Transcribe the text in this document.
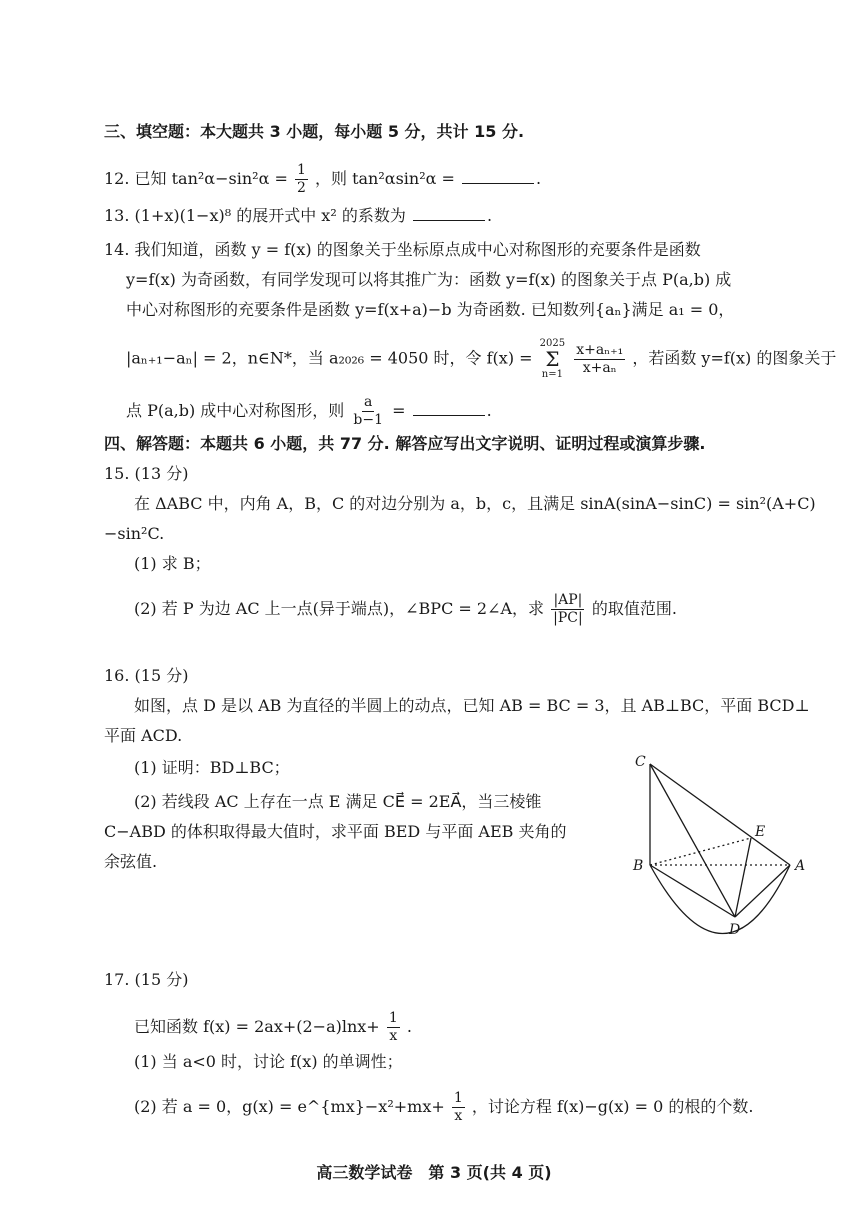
三、填空题：本大题共 3 小题，每小题 5 分，共计 15 分.
12. 已知 $\tan^2\alpha-\sin^2\alpha = \frac{1}{2}$ ，则 tan²αsin²α =	.
13. (1+x)(1−x)⁸ 的展开式中 x² 的系数为	.
14. 我们知道，函数 y = f(x) 的图象关于坐标原点成中心对称图形的充要条件是函数
y=f(x) 为奇函数，有同学发现可以将其推广为：函数 y=f(x) 的图象关于点 P(a,b) 成
中心对称图形的充要条件是函数 y=f(x+a)−b 为奇函数. 已知数列{aₙ}满足 a₁ = 0，
|aₙ₊₁−aₙ| = 2，n∈N*，当 a₂₀₂₆ = 4050 时，令 f(x) =
2025
Σ
n=1
$\frac{\text{x+aₙ₊₁}}{\text{x+aₙ}}$ ，若函数 y=f(x) 的图象关于
点 P(a,b) 成中心对称图形，则 $\frac{a}{b-1}$ =	.
四、解答题：本题共 6 小题，共 77 分. 解答应写出文字说明、证明过程或演算步骤.
15. (13 分)
在 ΔABC 中，内角 A，B，C 的对边分别为 a，b，c，且满足 sinA(sinA−sinC) = sin²(A+C)
−sin²C.
(1) 求 B；
(2) 若 P 为边 AC 上一点(异于端点)，∠BPC = 2∠A，求 $\frac{|AP|}{|PC|}$ 的取值范围.
16. (15 分)
如图，点 D 是以 AB 为直径的半圆上的动点，已知 AB = BC = 3，且 AB⊥BC，平面 BCD⊥
平面 ACD.
(1) 证明：BD⊥BC；
(2) 若线段 AC 上存在一点 E 满足 CE⃗ = 2EA⃗，当三棱锥
C−ABD 的体积取得最大值时，求平面 BED 与平面 AEB 夹角的
余弦值.
C
E
B	A
D
17. (15 分)
已知函数 $f(x) = 2ax+(2-a)\ln x+ \frac{1}{x}$ .
(1) 当 a<0 时，讨论 f(x) 的单调性；
(2) 若 a = 0，g(x) = e^{mx}−x²+mx+ $\frac{1}{x}$ ，讨论方程 f(x)−g(x) = 0 的根的个数.
高三数学试卷　第 3 页(共 4 页)
